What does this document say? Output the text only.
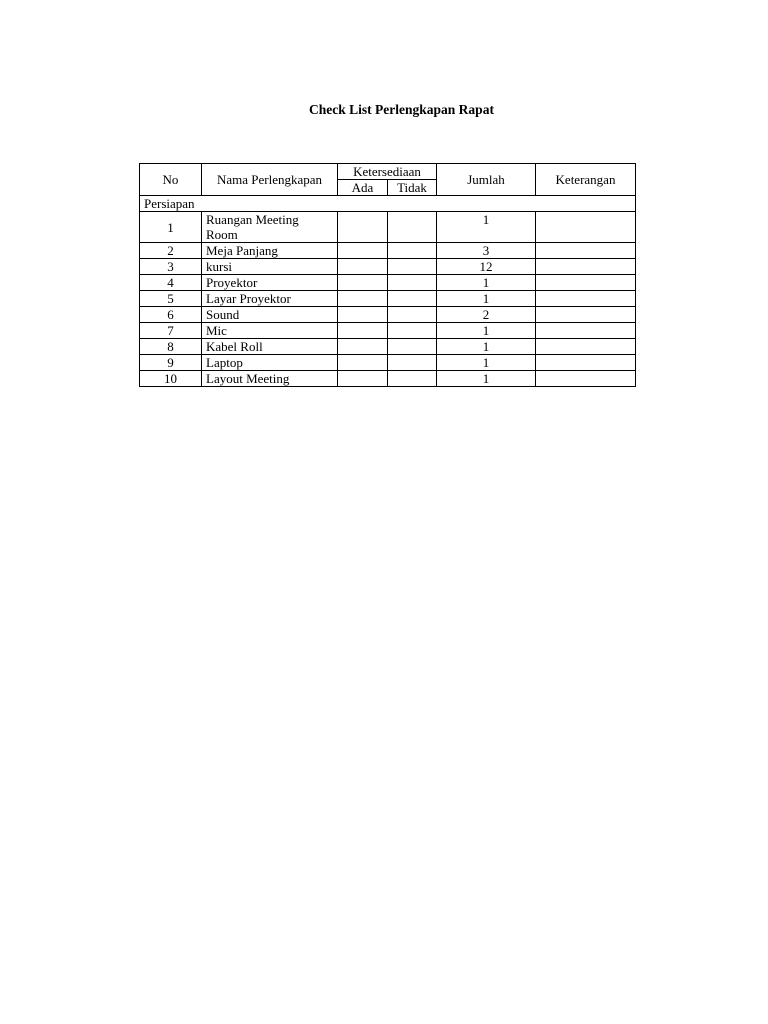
Check List Perlengkapan Rapat
No	Nama Perlengkapan	Ketersediaan		Jumlah	Keterangan
		Ada	Tidak		
Persiapan					
1	Ruangan Meeting Room			1	
2	Meja Panjang			3	
3	kursi			12	
4	Proyektor			1	
5	Layar Proyektor			1	
6	Sound			2	
7	Mic			1	
8	Kabel Roll			1	
9	Laptop			1	
10	Layout Meeting			1	
